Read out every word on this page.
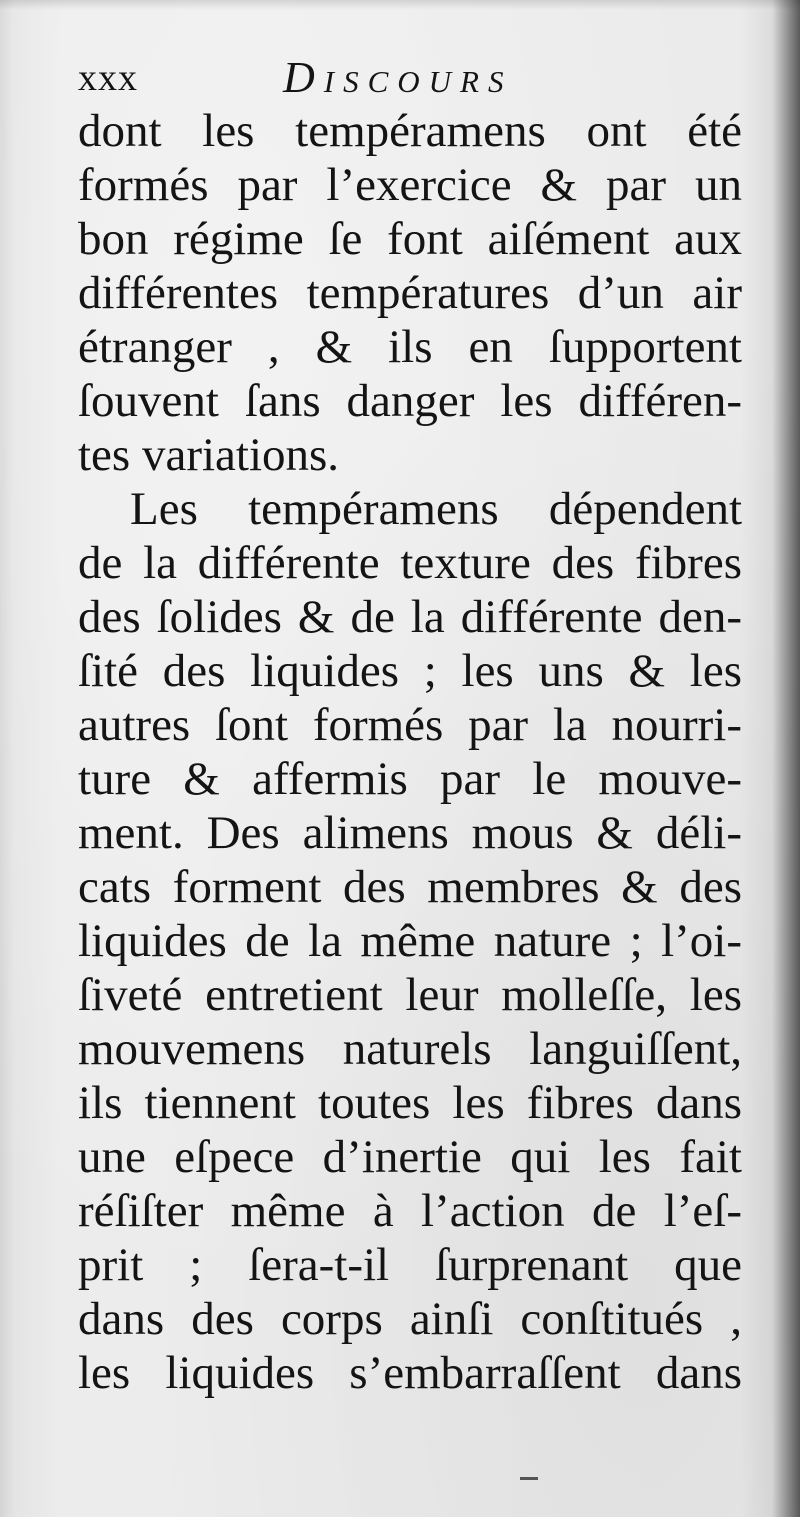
xxx	Discours
dont les tempéramens ont été
formés par l’exercice & par un
bon régime ſe font aiſément aux
différentes températures d’un air
étranger , & ils en ſupportent
ſouvent ſans danger les différen-
tes variations.
Les tempéramens dépendent
de la différente texture des fibres
des ſolides & de la différente den-
ſité des liquides ; les uns & les
autres ſont formés par la nourri-
ture & affermis par le mouve-
ment. Des alimens mous & déli-
cats forment des membres & des
liquides de la même nature ; l’oi-
ſiveté entretient leur molleſſe, les
mouvemens naturels languiſſent,
ils tiennent toutes les fibres dans
une eſpece d’inertie qui les fait
réſiſter même à l’action de l’eſ-
prit ; ſera-t-il ſurprenant que
dans des corps ainſi conſtitués ,
les liquides s’embarraſſent dans
